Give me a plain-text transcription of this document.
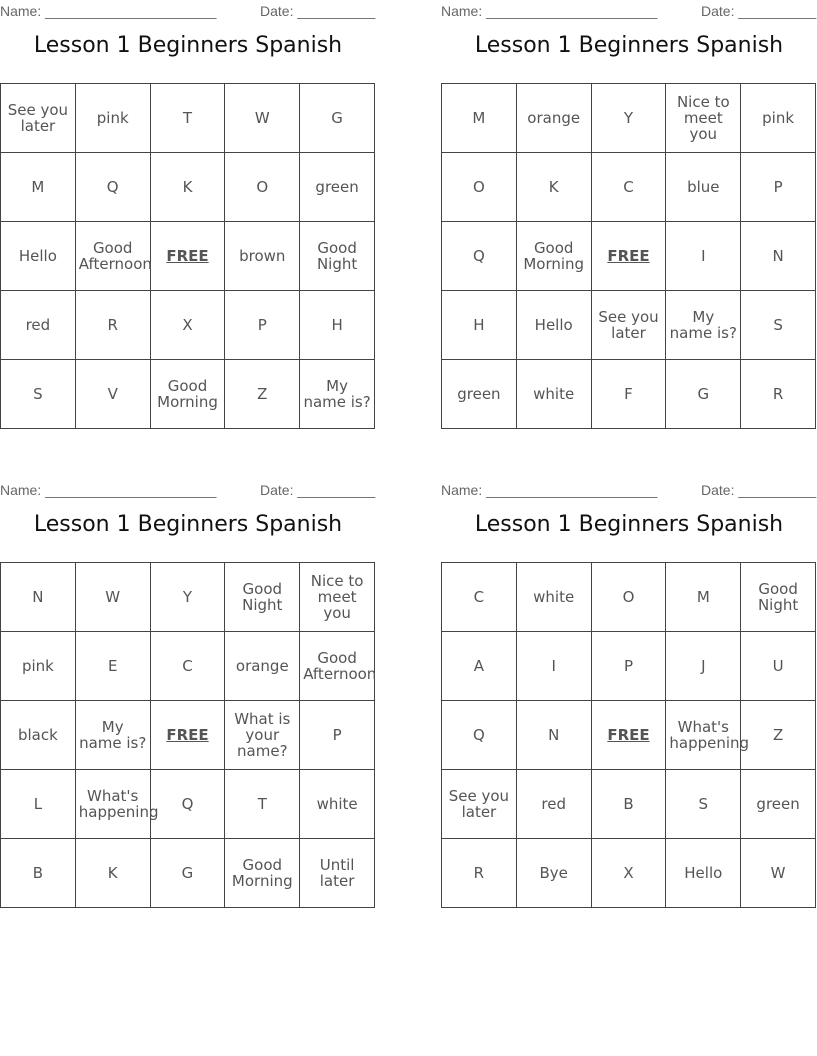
Name: ______________________	Date: __________
Lesson 1 Beginners Spanish
See you later	pink	T	W	G
M	Q	K	O	green
Hello	Good Afternoon	FREE	brown	Good Night
red	R	X	P	H
S	V	Good Morning	Z	My name is?
Name: ______________________	Date: __________
Lesson 1 Beginners Spanish
M	orange	Y	Nice to meet you	pink
O	K	C	blue	P
Q	Good Morning	FREE	I	N
H	Hello	See you later	My name is?	S
green	white	F	G	R
Name: ______________________	Date: __________
Lesson 1 Beginners Spanish
N	W	Y	Good Night	Nice to meet you
pink	E	C	orange	Good Afternoon
black	My name is?	FREE	What is your name?	P
L	What's happening	Q	T	white
B	K	G	Good Morning	Until later
Name: ______________________	Date: __________
Lesson 1 Beginners Spanish
C	white	O	M	Good Night
A	I	P	J	U
Q	N	FREE	What's happening	Z
See you later	red	B	S	green
R	Bye	X	Hello	W
